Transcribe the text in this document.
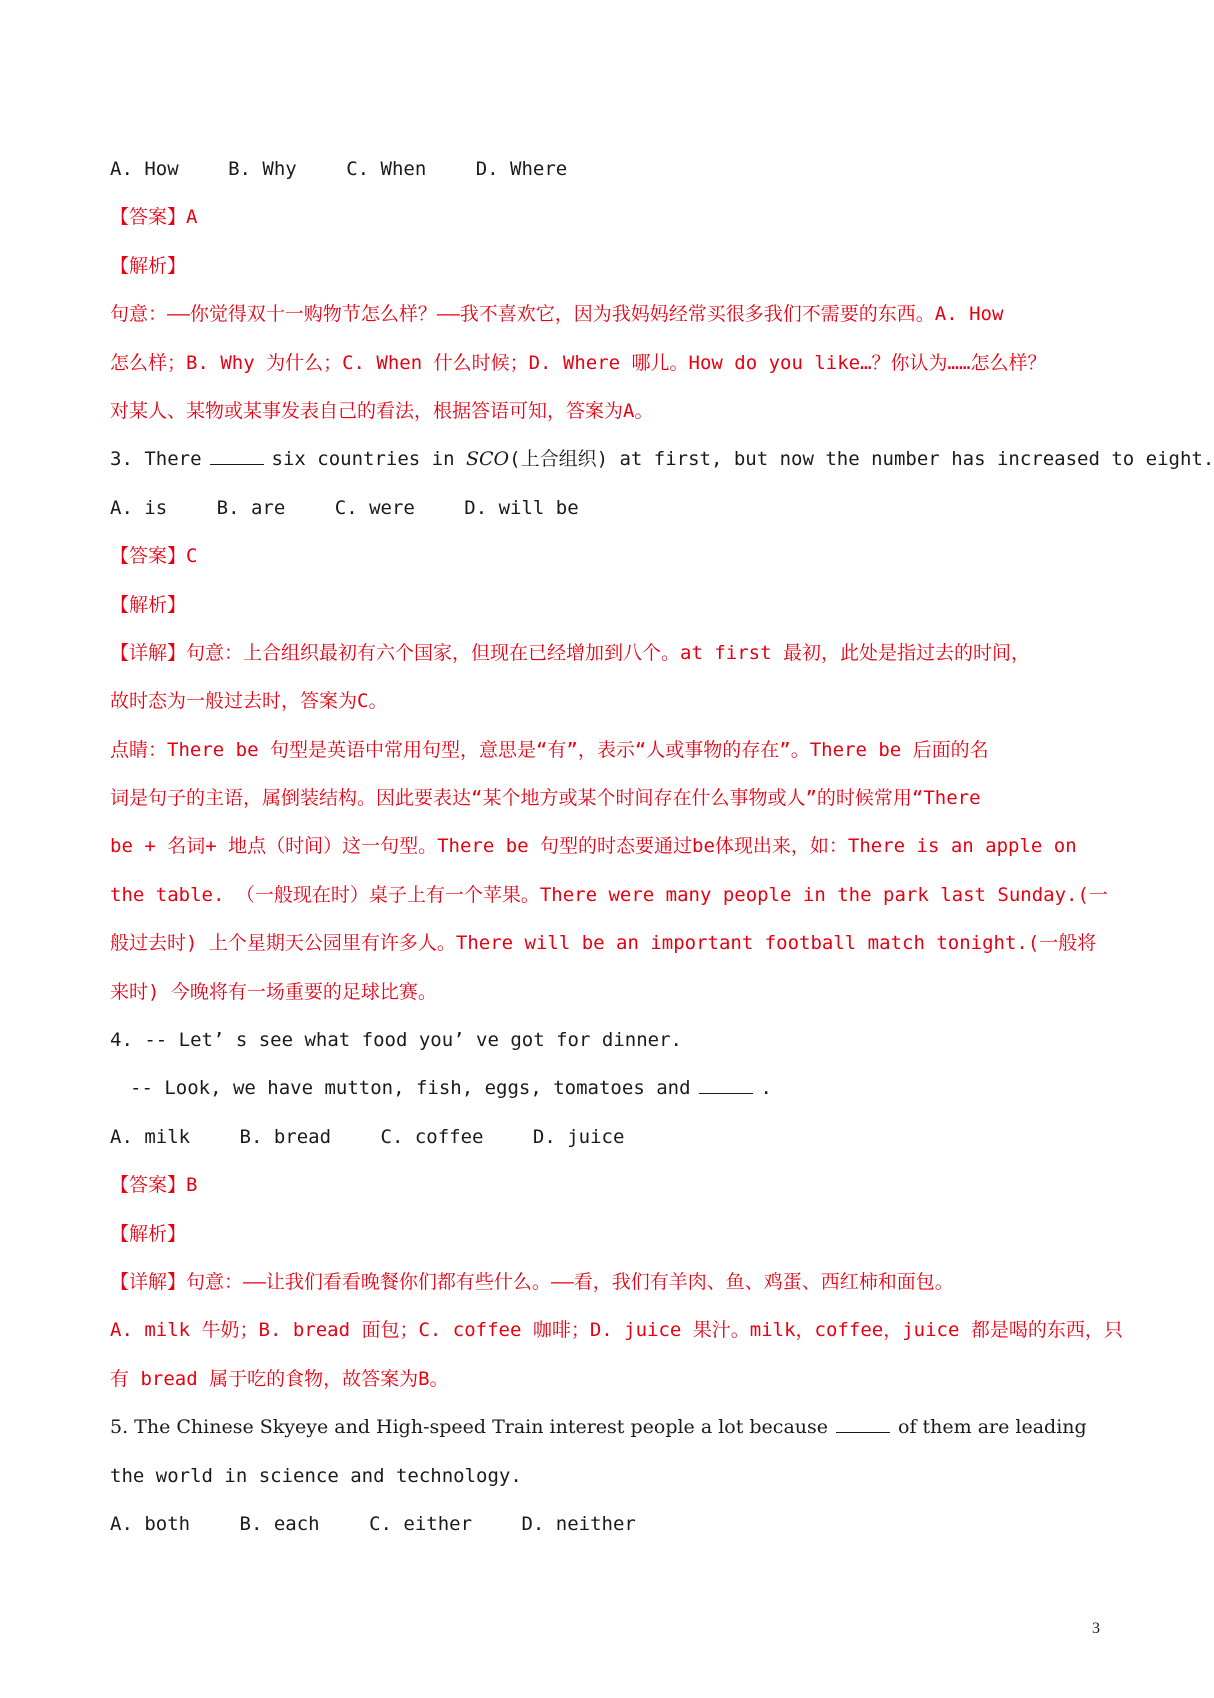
A. How	B. Why	C. When	D. Where
【答案】A
【解析】
句意：——你觉得双十一购物节怎么样？——我不喜欢它，因为我妈妈经常买很多我们不需要的东西。A. How
怎么样；B. Why 为什么；C. When 什么时候；D. Where 哪儿。How do you like…？你认为……怎么样？
对某人、某物或某事发表自己的看法，根据答语可知，答案为A。
3. There	six countries in SCO(上合组织) at first, but now the number has increased to eight.
A. is	B. are	C. were	D. will be
【答案】C
【解析】
【详解】句意：上合组织最初有六个国家，但现在已经增加到八个。at first 最初，此处是指过去的时间，
故时态为一般过去时，答案为C。
点睛：There be 句型是英语中常用句型，意思是“有”，表示“人或事物的存在”。There be 后面的名
词是句子的主语，属倒装结构。因此要表达“某个地方或某个时间存在什么事物或人”的时候常用“There
be + 名词+ 地点（时间）这一句型。There be 句型的时态要通过be体现出来，如：There is an apple on
the table. （一般现在时）桌子上有一个苹果。There were many people in the park last Sunday.(一
般过去时) 上个星期天公园里有许多人。There will be an important football match tonight.(一般将
来时) 今晚将有一场重要的足球比赛。
4. -- Let’ s see what food you’ ve got for dinner.
-- Look, we have mutton, fish, eggs, tomatoes and	.
A. milk	B. bread	C. coffee	D. juice
【答案】B
【解析】
【详解】句意：——让我们看看晚餐你们都有些什么。——看，我们有羊肉、鱼、鸡蛋、西红柿和面包。
A. milk 牛奶；B. bread 面包；C. coffee 咖啡；D. juice 果汁。milk，coffee，juice 都是喝的东西，只
有 bread 属于吃的食物，故答案为B。
5. The Chinese Skyeye and High-speed Train interest people a lot because	of them are leading
the world in science and technology.
A. both	B. each	C. either	D. neither
3
